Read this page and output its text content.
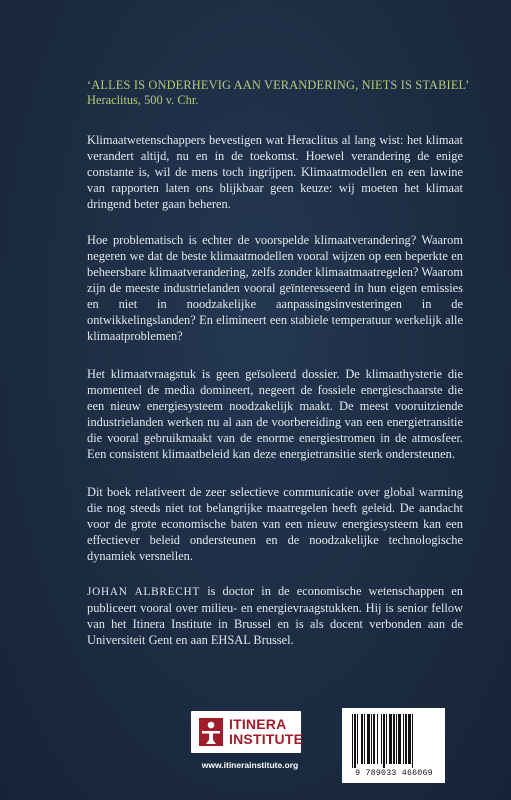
‘ALLES IS ONDERHEVIG AAN VERANDERING, NIETS IS STABIEL’
Heraclitus, 500 v. Chr.

Klimaatwetenschappers bevestigen wat Heraclitus al lang wist: het klimaat verandert altijd, nu en in de toekomst. Hoewel verandering de enige constante is, wil de mens toch ingrijpen. Klimaatmodellen en een lawine van rapporten laten ons blijkbaar geen keuze: wij moeten het klimaat dringend beter gaan beheren.

Hoe problematisch is echter de voorspelde klimaatverandering? Waarom negeren we dat de beste klimaatmodellen vooral wijzen op een beperkte en beheersbare klimaatverandering, zelfs zonder klimaatmaatregelen? Waarom zijn de meeste industrielanden vooral geïnteresseerd in hun eigen emissies en niet in noodzakelijke aanpassingsinvesteringen in de ontwikkelingslanden? En elimineert een stabiele temperatuur werkelijk alle klimaatproblemen?

Het klimaatvraagstuk is geen geïsoleerd dossier. De klimaathysterie die momenteel de media domineert, negeert de fossiele energieschaarste die een nieuw energiesysteem noodzakelijk maakt. De meest vooruitziende industrielanden werken nu al aan de voorbereiding van een energietransitie die vooral gebruikmaakt van de enorme energiestromen in de atmosfeer. Een consistent klimaatbeleid kan deze energietransitie sterk ondersteunen.

Dit boek relativeert de zeer selectieve communicatie over global warming die nog steeds niet tot belangrijke maatregelen heeft geleid. De aandacht voor de grote economische baten van een nieuw energiesysteem kan een effectiever beleid ondersteunen en de noodzakelijke technologische dynamiek versnellen.

JOHAN ALBRECHT is doctor in de economische wetenschappen en publiceert vooral over milieu- en energievraagstukken. Hij is senior fellow van het Itinera Institute in Brussel en is als docent verbonden aan de Universiteit Gent en aan EHSAL Brussel.

ITINERA
INSTITUTE
www.itinerainstitute.org
9 789033 466069
